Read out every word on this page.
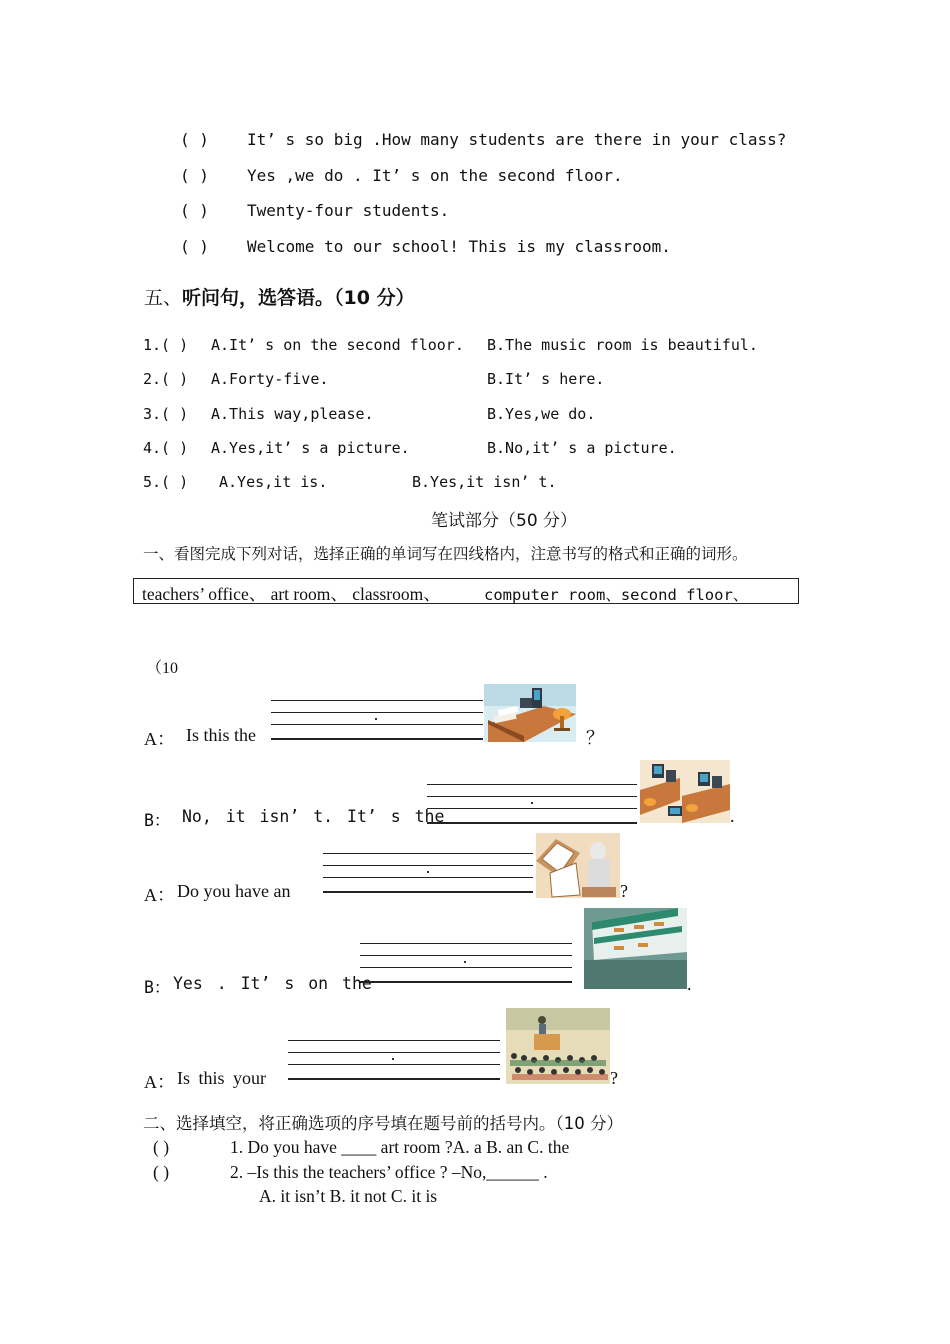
( ) It’ s so big .How many students are there in your class?
( ) Yes ,we do . It’ s on the second floor.
( ) Twenty-four students.
( ) Welcome to our school! This is my classroom.
五、听问句，选答语。（10 分）
1.( ) A.It’ s on the second floor. B.The music room is beautiful.
2.( ) A.Forty-five.	B.It’ s here.
3.( ) A.This way,please.	B.Yes,we do.
4.( ) A.Yes,it’ s a picture.	B.No,it’ s a picture.
5.( ) A.Yes,it is.	B.Yes,it isn’ t.
笔试部分（50 分）
一、看图完成下列对话，选择正确的单词写在四线格内，注意书写的格式和正确的词形。
teachers’ office、 art room、 classroom、	computer room、second floor、
（10
A： Is this the	？
B： No, it isn’ t. It’ s the	.
A： Do you have an	?
B： Yes . It’ s on the	.
A： Is this your	?
二、选择填空，将正确选项的序号填在题号前的括号内。（10 分）
( )	1. Do you have ____ art room ?A. a B. an C. the
( )	2. –Is this the teachers’ office ? –No,______ .
A. it isn’t B. it not C. it is
